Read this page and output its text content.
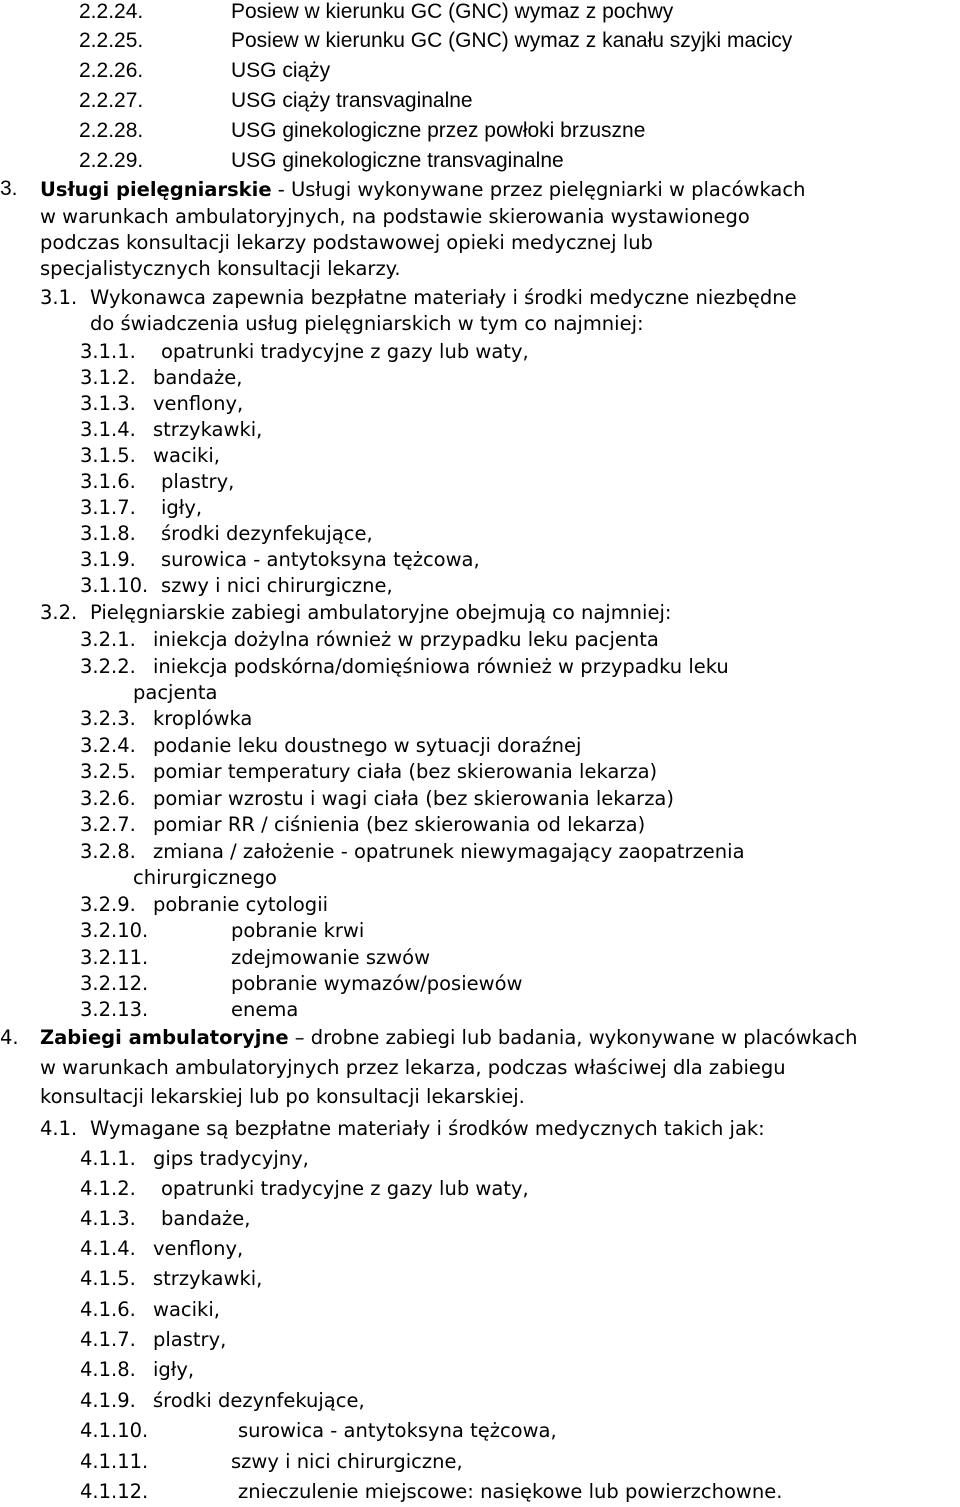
2.2.24.	Posiew w kierunku GC (GNC) wymaz z pochwy
2.2.25.	Posiew w kierunku GC (GNC) wymaz z kanału szyjki macicy
2.2.26.	USG ciąży
2.2.27.	USG ciąży transvaginalne
2.2.28.	USG ginekologiczne przez powłoki brzuszne
2.2.29.	USG ginekologiczne transvaginalne
3. Usługi pielęgniarskie - Usługi wykonywane przez pielęgniarki w placówkach
w warunkach ambulatoryjnych, na podstawie skierowania wystawionego
podczas konsultacji lekarzy podstawowej opieki medycznej lub
specjalistycznych konsultacji lekarzy.
3.1. Wykonawca zapewnia bezpłatne materiały i środki medyczne niezbędne
do świadczenia usług pielęgniarskich w tym co najmniej:
3.1.1. opatrunki tradycyjne z gazy lub waty,
3.1.2. bandaże,
3.1.3. venflony,
3.1.4. strzykawki,
3.1.5. waciki,
3.1.6. plastry,
3.1.7. igły,
3.1.8. środki dezynfekujące,
3.1.9. surowica - antytoksyna tężcowa,
3.1.10. szwy i nici chirurgiczne,
3.2. Pielęgniarskie zabiegi ambulatoryjne obejmują co najmniej:
3.2.1. iniekcja dożylna również w przypadku leku pacjenta
3.2.2. iniekcja podskórna/domięśniowa również w przypadku leku
pacjenta
3.2.3. kroplówka
3.2.4. podanie leku doustnego w sytuacji doraźnej
3.2.5. pomiar temperatury ciała (bez skierowania lekarza)
3.2.6. pomiar wzrostu i wagi ciała (bez skierowania lekarza)
3.2.7. pomiar RR / ciśnienia (bez skierowania od lekarza)
3.2.8. zmiana / założenie - opatrunek niewymagający zaopatrzenia
chirurgicznego
3.2.9. pobranie cytologii
3.2.10.	pobranie krwi
3.2.11.	zdejmowanie szwów
3.2.12.	pobranie wymazów/posiewów
3.2.13.	enema
4. Zabiegi ambulatoryjne – drobne zabiegi lub badania, wykonywane w placówkach
w warunkach ambulatoryjnych przez lekarza, podczas właściwej dla zabiegu
konsultacji lekarskiej lub po konsultacji lekarskiej.
4.1. Wymagane są bezpłatne materiały i środków medycznych takich jak:
4.1.1. gips tradycyjny,
4.1.2. opatrunki tradycyjne z gazy lub waty,
4.1.3. bandaże,
4.1.4. venflony,
4.1.5. strzykawki,
4.1.6. waciki,
4.1.7. plastry,
4.1.8. igły,
4.1.9. środki dezynfekujące,
4.1.10.	surowica - antytoksyna tężcowa,
4.1.11.	szwy i nici chirurgiczne,
4.1.12.	znieczulenie miejscowe: nasiękowe lub powierzchowne.
